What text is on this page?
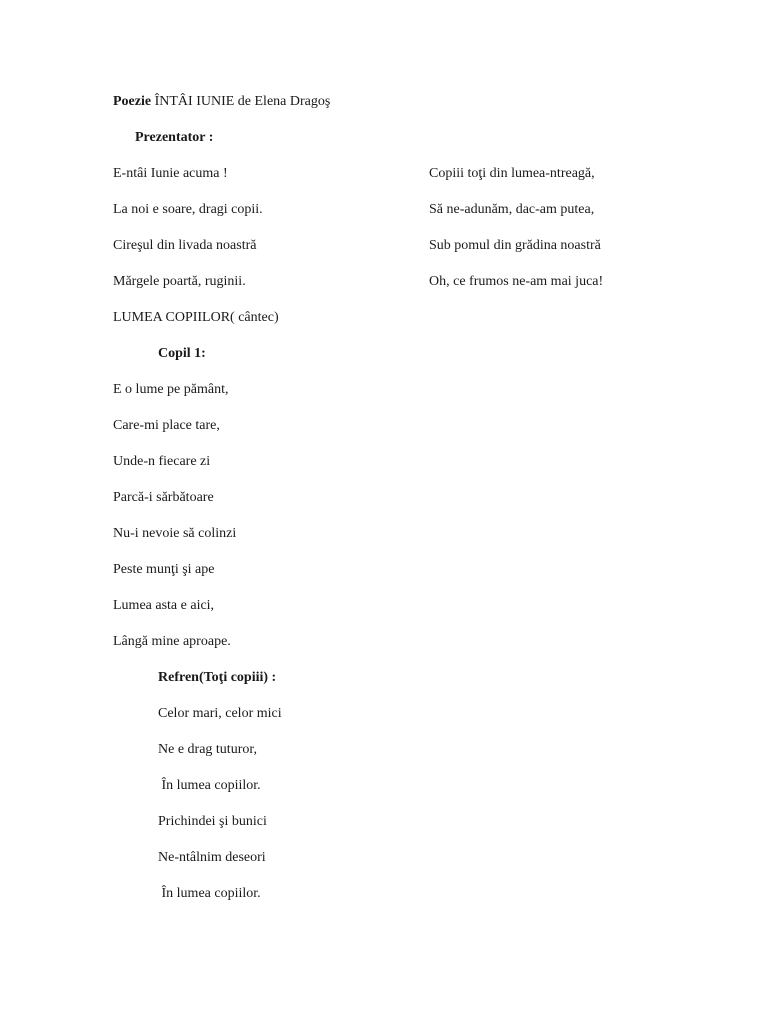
Poezie ÎNTÂI IUNIE de Elena Dragoş
Prezentator :
E-ntâi Iunie acuma !
La noi e soare, dragi copii.
Cireşul din livada noastră
Mărgele poartă, ruginii.
Copiii toţi din lumea-ntreagă,
Să ne-adunăm, dac-am putea,
Sub pomul din grădina noastră
Oh, ce frumos ne-am mai juca!
LUMEA COPIILOR( cântec)
Copil 1:
E o lume pe pământ,
Care-mi place tare,
Unde-n fiecare zi
Parcă-i sărbătoare
Nu-i nevoie să colinzi
Peste munţi şi ape
Lumea asta e aici,
Lângă mine aproape.
Refren(Toţi copiii) :
Celor mari, celor mici
Ne e drag tuturor,
În lumea copiilor.
Prichindei şi bunici
Ne-ntâlnim deseori
În lumea copiilor.
